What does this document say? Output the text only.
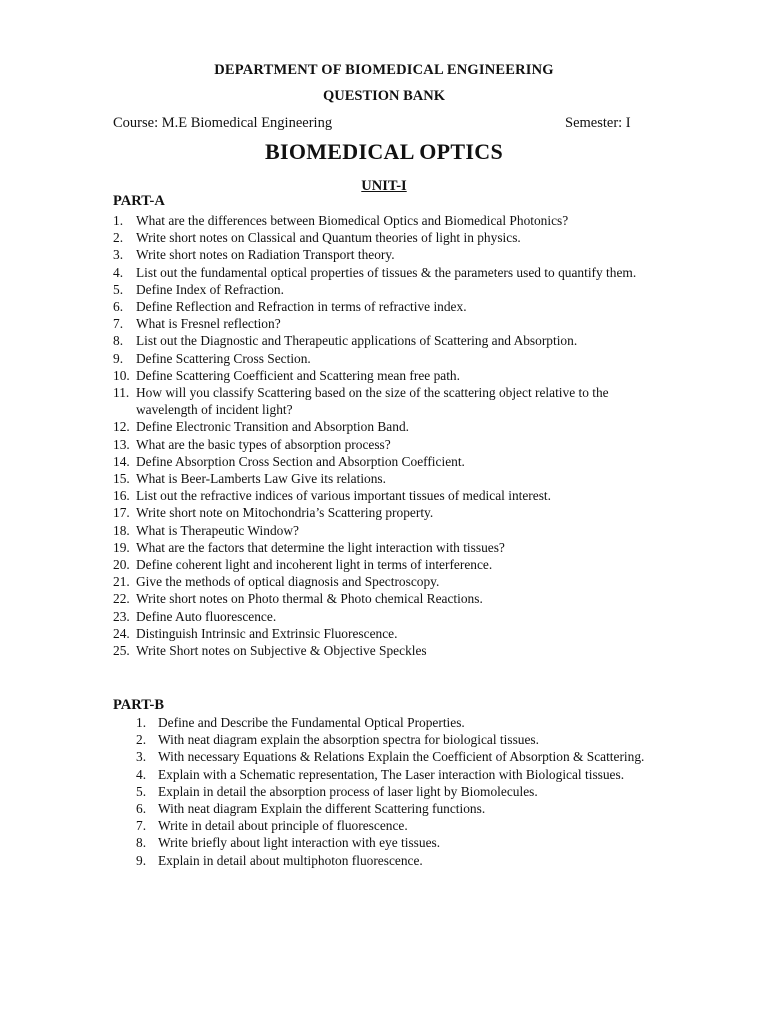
DEPARTMENT OF BIOMEDICAL ENGINEERING
QUESTION BANK
Course: M.E Biomedical Engineering	Semester: I
BIOMEDICAL OPTICS
UNIT-I
PART-A
1. What are the differences between Biomedical Optics and Biomedical Photonics?
2. Write short notes on Classical and Quantum theories of light in physics.
3. Write short notes on Radiation Transport theory.
4. List out the fundamental optical properties of tissues & the parameters used to quantify them.
5. Define Index of Refraction.
6. Define Reflection and Refraction in terms of refractive index.
7. What is Fresnel reflection?
8. List out the Diagnostic and Therapeutic applications of Scattering and Absorption.
9. Define Scattering Cross Section.
10. Define Scattering Coefficient and Scattering mean free path.
11. How will you classify Scattering based on the size of the scattering object relative to the wavelength of incident light?
12. Define Electronic Transition and Absorption Band.
13. What are the basic types of absorption process?
14. Define Absorption Cross Section and Absorption Coefficient.
15. What is Beer-Lamberts Law Give its relations.
16. List out the refractive indices of various important tissues of medical interest.
17. Write short note on Mitochondria’s Scattering property.
18. What is Therapeutic Window?
19. What are the factors that determine the light interaction with tissues?
20. Define coherent light and incoherent light in terms of interference.
21. Give the methods of optical diagnosis and Spectroscopy.
22. Write short notes on Photo thermal & Photo chemical Reactions.
23. Define Auto fluorescence.
24. Distinguish Intrinsic and Extrinsic Fluorescence.
25. Write Short notes on Subjective & Objective Speckles
PART-B
1. Define and Describe the Fundamental Optical Properties.
2. With neat diagram explain the absorption spectra for biological tissues.
3. With necessary Equations & Relations Explain the Coefficient of Absorption & Scattering.
4. Explain with a Schematic representation, The Laser interaction with Biological tissues.
5. Explain in detail the absorption process of laser light by Biomolecules.
6. With neat diagram Explain the different Scattering functions.
7. Write in detail about principle of fluorescence.
8. Write briefly about light interaction with eye tissues.
9. Explain in detail about multiphoton fluorescence.
